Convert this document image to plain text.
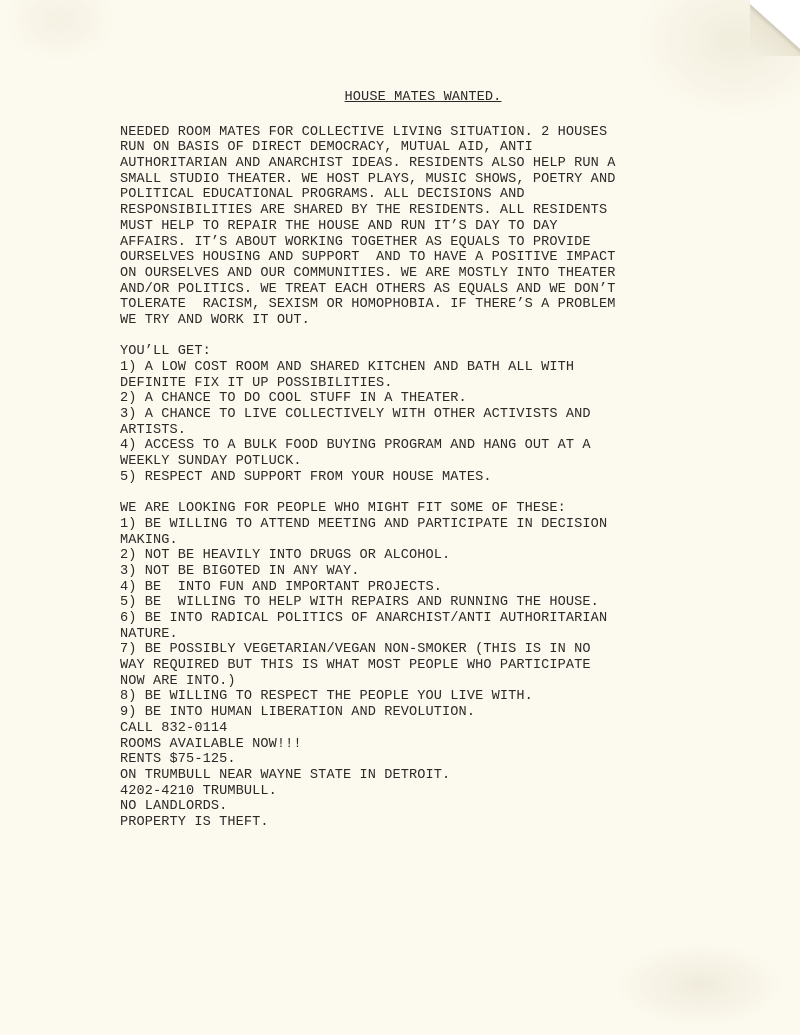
HOUSE MATES WANTED.
NEEDED ROOM MATES FOR COLLECTIVE LIVING SITUATION. 2 HOUSES
RUN ON BASIS OF DIRECT DEMOCRACY, MUTUAL AID, ANTI
AUTHORITARIAN AND ANARCHIST IDEAS. RESIDENTS ALSO HELP RUN A
SMALL STUDIO THEATER. WE HOST PLAYS, MUSIC SHOWS, POETRY AND
POLITICAL EDUCATIONAL PROGRAMS. ALL DECISIONS AND
RESPONSIBILITIES ARE SHARED BY THE RESIDENTS. ALL RESIDENTS
MUST HELP TO REPAIR THE HOUSE AND RUN IT’S DAY TO DAY
AFFAIRS. IT’S ABOUT WORKING TOGETHER AS EQUALS TO PROVIDE
OURSELVES HOUSING AND SUPPORT  AND TO HAVE A POSITIVE IMPACT
ON OURSELVES AND OUR COMMUNITIES. WE ARE MOSTLY INTO THEATER
AND/OR POLITICS. WE TREAT EACH OTHERS AS EQUALS AND WE DON’T
TOLERATE  RACISM, SEXISM OR HOMOPHOBIA. IF THERE’S A PROBLEM
WE TRY AND WORK IT OUT.
YOU’LL GET:
1) A LOW COST ROOM AND SHARED KITCHEN AND BATH ALL WITH
DEFINITE FIX IT UP POSSIBILITIES.
2) A CHANCE TO DO COOL STUFF IN A THEATER.
3) A CHANCE TO LIVE COLLECTIVELY WITH OTHER ACTIVISTS AND
ARTISTS.
4) ACCESS TO A BULK FOOD BUYING PROGRAM AND HANG OUT AT A
WEEKLY SUNDAY POTLUCK.
5) RESPECT AND SUPPORT FROM YOUR HOUSE MATES.
WE ARE LOOKING FOR PEOPLE WHO MIGHT FIT SOME OF THESE:
1) BE WILLING TO ATTEND MEETING AND PARTICIPATE IN DECISION
MAKING.
2) NOT BE HEAVILY INTO DRUGS OR ALCOHOL.
3) NOT BE BIGOTED IN ANY WAY.
4) BE  INTO FUN AND IMPORTANT PROJECTS.
5) BE  WILLING TO HELP WITH REPAIRS AND RUNNING THE HOUSE.
6) BE INTO RADICAL POLITICS OF ANARCHIST/ANTI AUTHORITARIAN
NATURE.
7) BE POSSIBLY VEGETARIAN/VEGAN NON-SMOKER (THIS IS IN NO
WAY REQUIRED BUT THIS IS WHAT MOST PEOPLE WHO PARTICIPATE
NOW ARE INTO.)
8) BE WILLING TO RESPECT THE PEOPLE YOU LIVE WITH.
9) BE INTO HUMAN LIBERATION AND REVOLUTION.
CALL 832-0114
ROOMS AVAILABLE NOW!!!
RENTS $75-125.
ON TRUMBULL NEAR WAYNE STATE IN DETROIT.
4202-4210 TRUMBULL.
NO LANDLORDS.
PROPERTY IS THEFT.
